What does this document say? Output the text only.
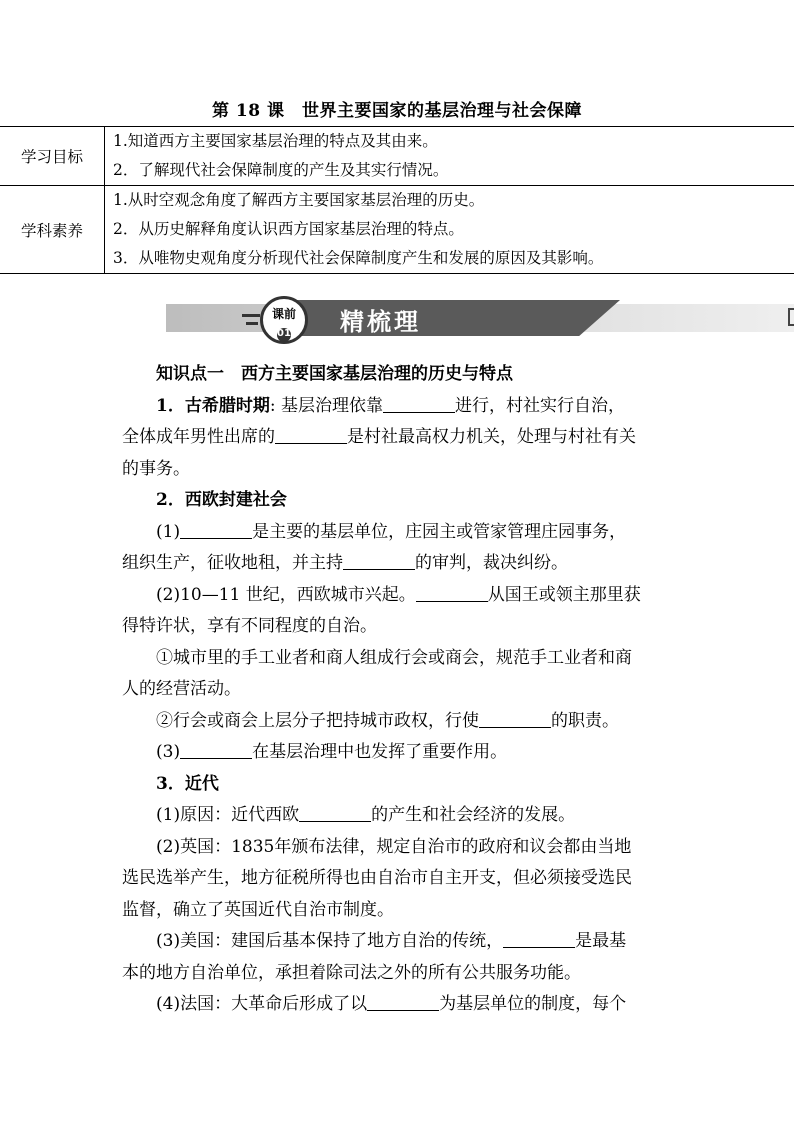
第 18 课　世界主要国家的基层治理与社会保障
学习目标	1.知道西方主要国家基层治理的特点及其由来。
2．了解现代社会保障制度的产生及其实行情况。

学科素养	1.从时空观念角度了解西方主要国家基层治理的历史。
2．从历史解释角度认识西方国家基层治理的特点。
3．从唯物史观角度分析现代社会保障制度产生和发展的原因及其影响。
课前
01	精梳理
知识点一　西方主要国家基层治理的历史与特点
1．古希腊时期: 基层治理依靠	进行，村社实行自治，
全体成年男性出席的	是村社最高权力机关，处理与村社有关
的事务。
2．西欧封建社会
(1)	是主要的基层单位，庄园主或管家管理庄园事务，
组织生产，征收地租，并主持	的审判，裁决纠纷。
(2)10—11 世纪，西欧城市兴起。	从国王或领主那里获
得特许状，享有不同程度的自治。
①城市里的手工业者和商人组成行会或商会，规范手工业者和商
人的经营活动。
②行会或商会上层分子把持城市政权，行使	的职责。
(3)	在基层治理中也发挥了重要作用。
3．近代
(1)原因：近代西欧	的产生和社会经济的发展。
(2)英国：1835年颁布法律，规定自治市的政府和议会都由当地
选民选举产生，地方征税所得也由自治市自主开支，但必须接受选民
监督，确立了英国近代自治市制度。
(3)美国：建国后基本保持了地方自治的传统，	是最基
本的地方自治单位，承担着除司法之外的所有公共服务功能。
(4)法国：大革命后形成了以	为基层单位的制度，每个
